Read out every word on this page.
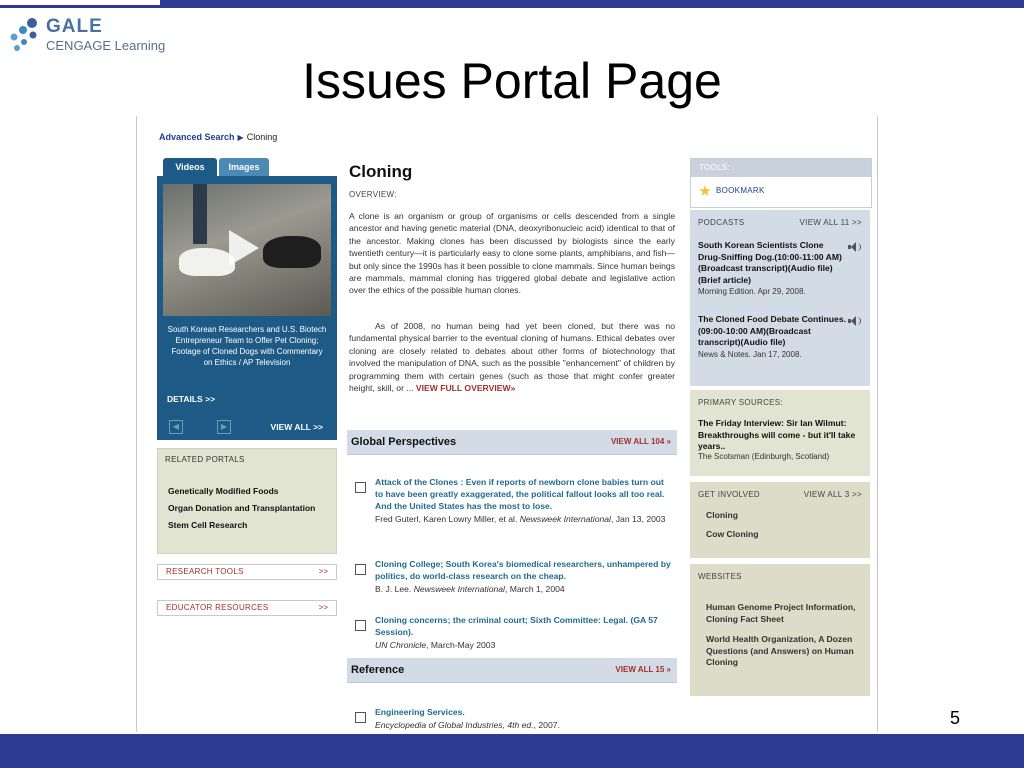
GALE
CENGAGE Learning
Issues Portal Page
Advanced Search ▶ Cloning
Videos	Images
South Korean Researchers and U.S. Biotech Entrepreneur Team to Offer Pet Cloning; Footage of Cloned Dogs with Commentary on Ethics / AP Television
DETAILS >>
◀	▶	VIEW ALL >>
RELATED PORTALS
Genetically Modified Foods
Organ Donation and Transplantation
Stem Cell Research
RESEARCH TOOLS	>>
EDUCATOR RESOURCES	>>
Cloning
OVERVIEW:
A clone is an organism or group of organisms or cells descended from a single ancestor and having genetic material (DNA, deoxyribonucleic acid) identical to that of the ancestor. Making clones has been discussed by biologists since the early twentieth century—it is particularly easy to clone some plants, amphibians, and fish—but only since the 1990s has it been possible to clone mammals. Since human beings are mammals, mammal cloning has triggered global debate and legislative action over the ethics of the possible human clones.
As of 2008, no human being had yet been cloned, but there was no fundamental physical barrier to the eventual cloning of humans. Ethical debates over cloning are closely related to debates about other forms of biotechnology that involved the manipulation of DNA, such as the possible "enhancement" of children by programming them with certain genes (such as those that might confer greater height, skill, or ... VIEW FULL OVERVIEW»
Global Perspectives	VIEW ALL 104 »
Attack of the Clones : Even if reports of newborn clone babies turn out to have been greatly exaggerated, the political fallout looks all too real. And the United States has the most to lose.
Fred Guterl, Karen Lowry Miller, et al. Newsweek International, Jan 13, 2003
Cloning College; South Korea's biomedical researchers, unhampered by politics, do world-class research on the cheap.
B. J. Lee. Newsweek International, March 1, 2004
Cloning concerns; the criminal court; Sixth Committee: Legal. (GA 57 Session).
UN Chronicle, March-May 2003
Reference	VIEW ALL 15 »
Engineering Services.
Encyclopedia of Global Industries, 4th ed., 2007.
TOOLS:
BOOKMARK
PODCASTS	VIEW ALL 11 >>
South Korean Scientists Clone Drug-Sniffing Dog.(10:00-11:00 AM)(Broadcast transcript)(Audio file)(Brief article)
Morning Edition. Apr 29, 2008.
The Cloned Food Debate Continues.(09:00-10:00 AM)(Broadcast transcript)(Audio file)
News & Notes. Jan 17, 2008.
PRIMARY SOURCES:
The Friday Interview: Sir Ian Wilmut: Breakthroughs will come - but it'll take years..
The Scotsman (Edinburgh, Scotland)
GET INVOLVED	VIEW ALL 3 >>
Cloning
Cow Cloning
WEBSITES
Human Genome Project Information, Cloning Fact Sheet
World Health Organization, A Dozen Questions (and Answers) on Human Cloning
5
